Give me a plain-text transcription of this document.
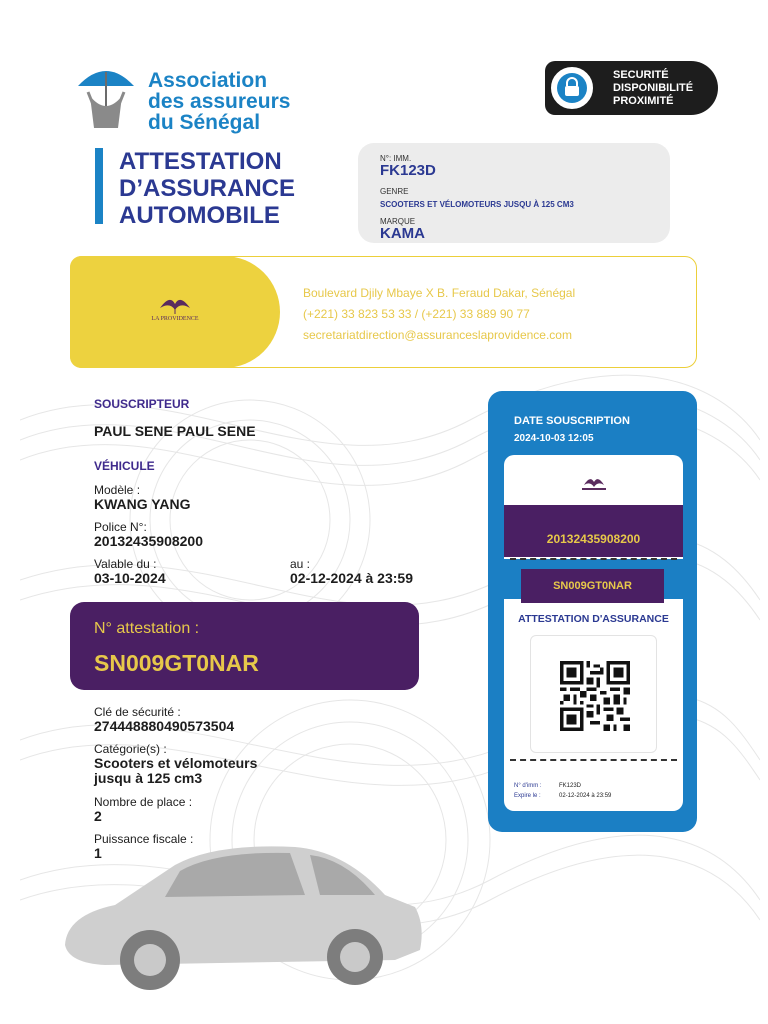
Association
des assureurs
du Sénégal
SECURITÉ
DISPONIBILITÉ
PROXIMITÉ
ATTESTATION
D’ASSURANCE
AUTOMOBILE
N°: IMM.
FK123D
GENRE
SCOOTERS ET VÉLOMOTEURS JUSQU À 125 CM3
MARQUE
KAMA
LA PROVIDENCE
Boulevard Djily Mbaye X B. Feraud Dakar, Sénégal
(+221) 33 823 53 33 / (+221) 33 889 90 77
secretariatdirection@assuranceslaprovidence.com
SOUSCRIPTEUR
PAUL SENE PAUL SENE
VÉHICULE
Modèle :
KWANG YANG
Police N°:
20132435908200
Valable du :
03-10-2024
au :
02-12-2024 à 23:59
N° attestation :
SN009GT0NAR
Clé de sécurité :
274448880490573504
Catégorie(s) :
Scooters et vélomoteurs
jusqu à 125 cm3
Nombre de place :
2
Puissance fiscale :
1
DATE SOUSCRIPTION
2024-10-03 12:05
20132435908200
SN009GT0NAR
ATTESTATION D'ASSURANCE
N° d'imm :	FK123D
Expire le :	02-12-2024 à 23:59
